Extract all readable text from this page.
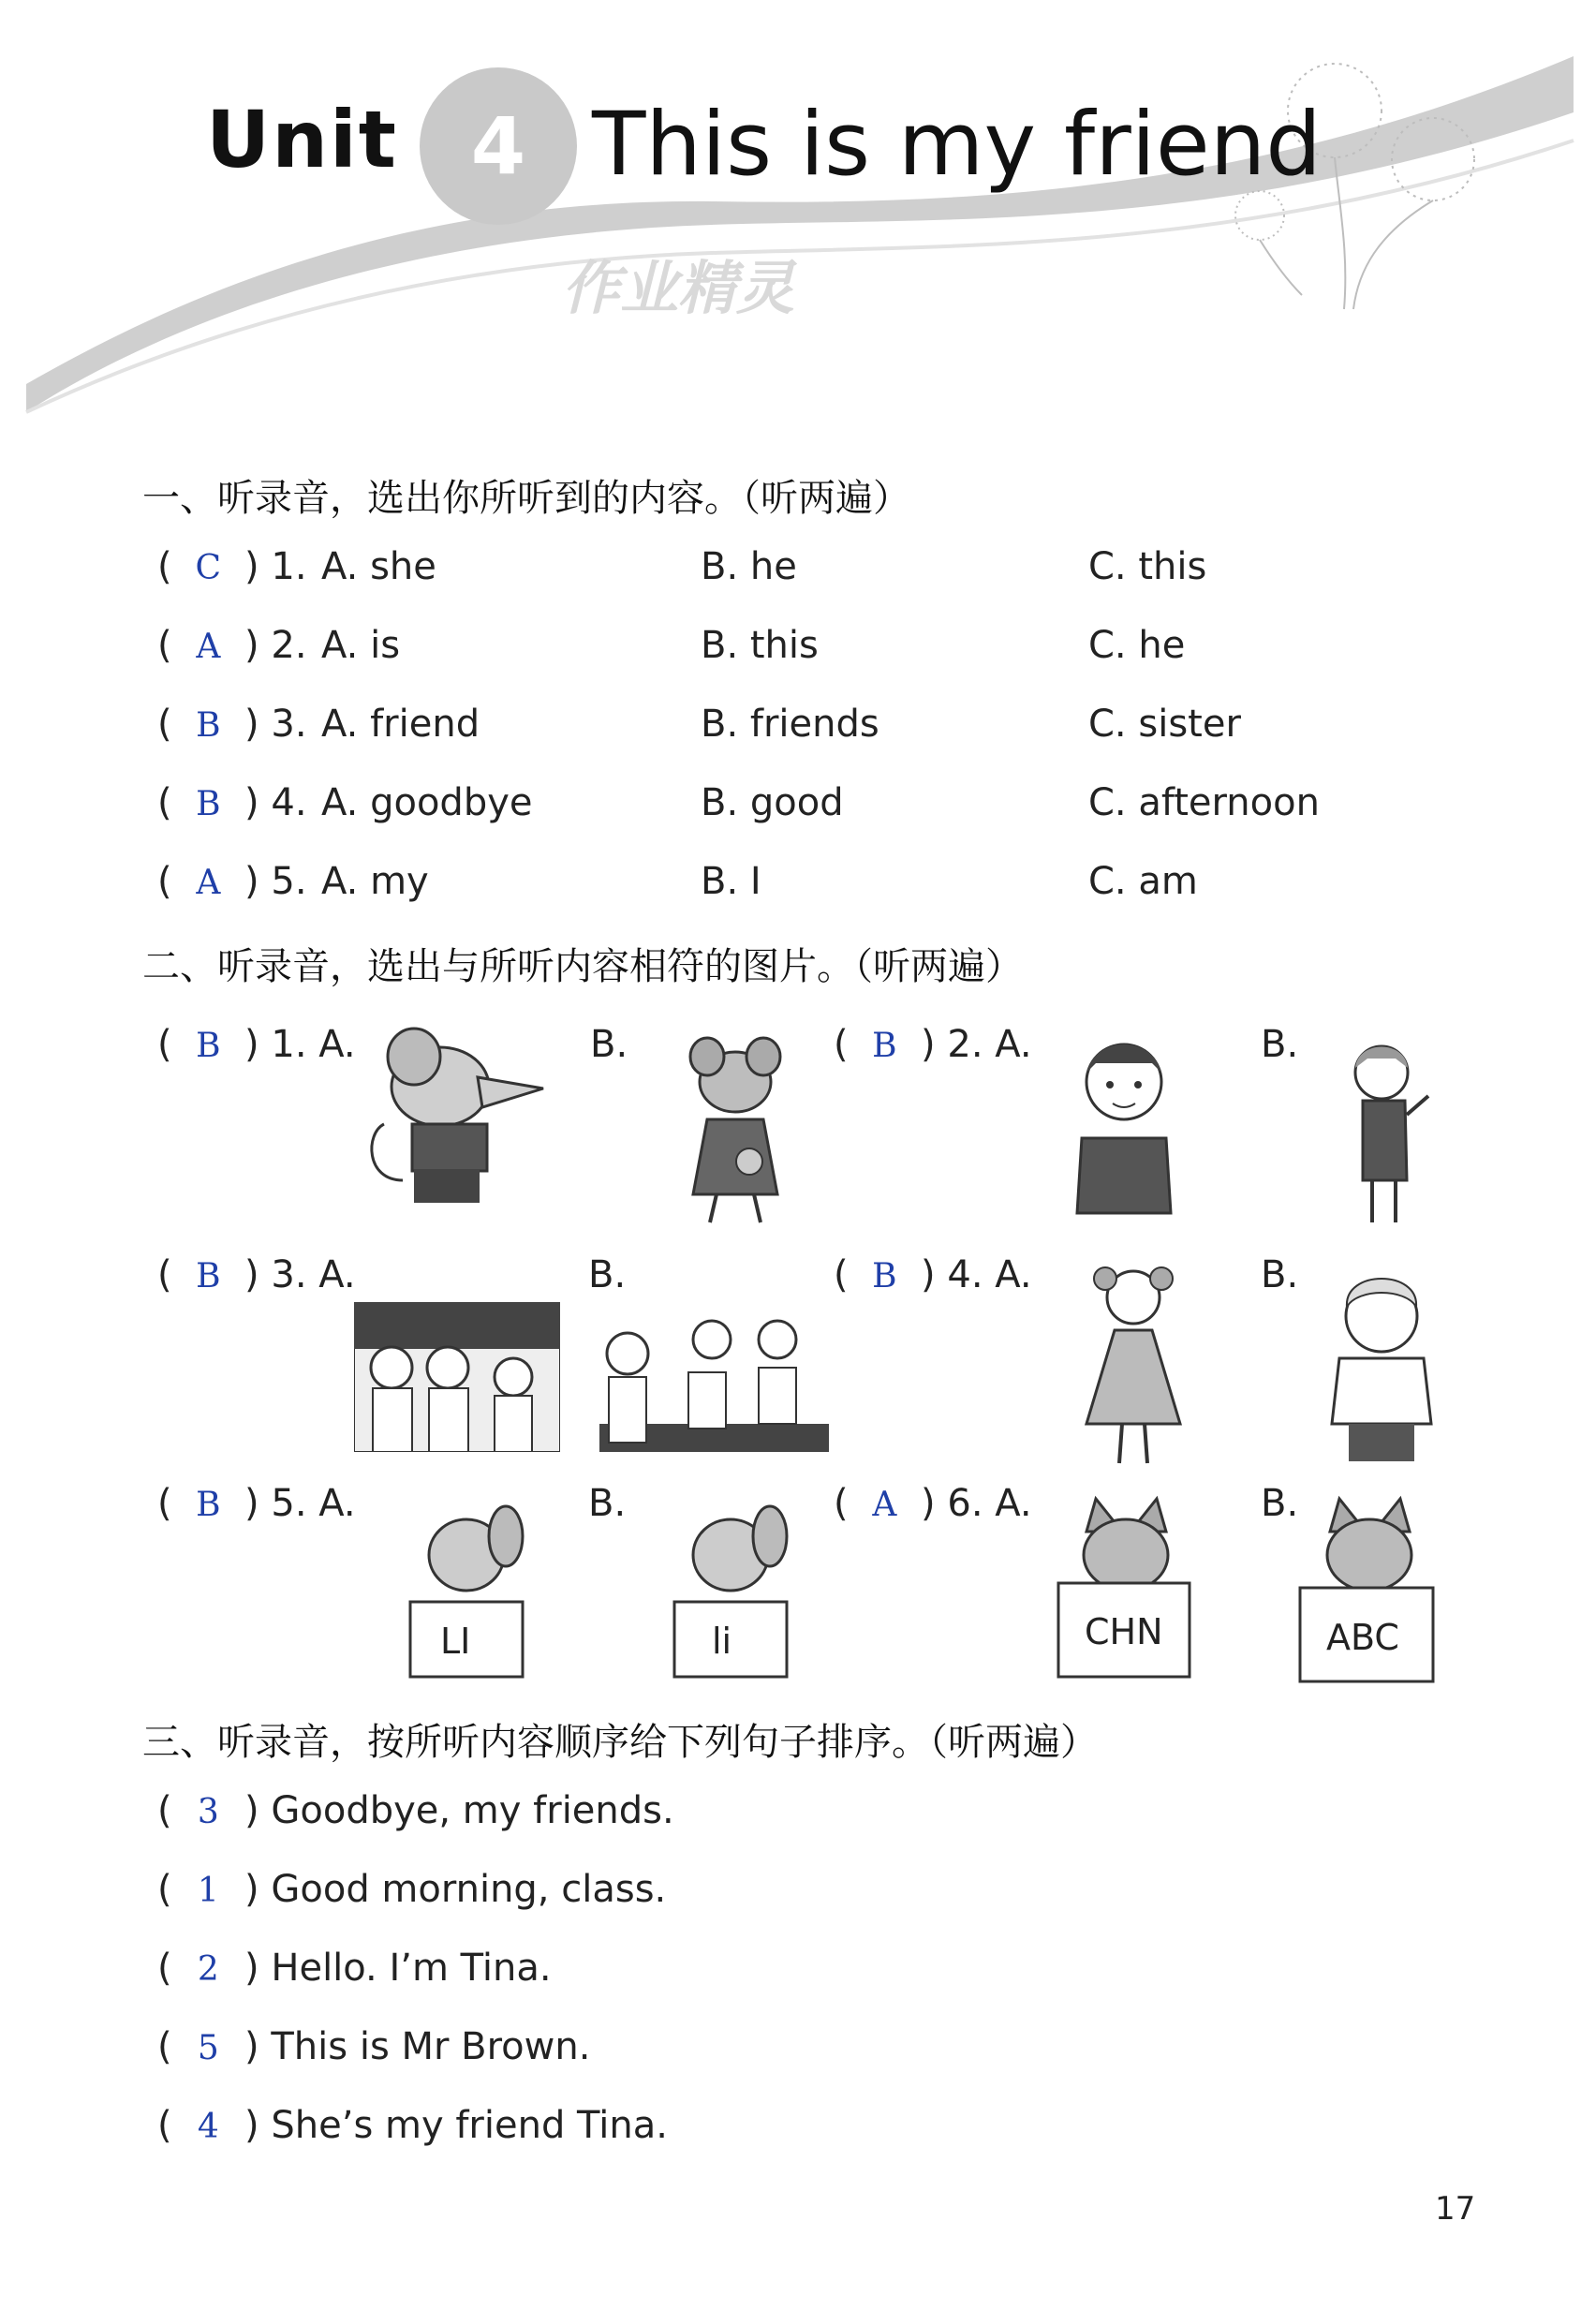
Unit 4 This is my friend
作业精灵
一、听录音，选出你所听到的内容。（听两遍）
( C ) 1. A. she	B. he	C. this
( A ) 2. A. is	B. this	C. he
( B ) 3. A. friend	B. friends	C. sister
( B ) 4. A. goodbye	B. good	C. afternoon
( A ) 5. A. my	B. I	C. am
二、听录音，选出与所听内容相符的图片。（听两遍）
( B ) 1. A.	B.	( B ) 2. A.	B.
( B ) 3. A.	B.	( B ) 4. A.	B.
( B ) 5. A.	B.
LI	li
( A ) 6. A.	B.
CHN	ABC
三、听录音，按所听内容顺序给下列句子排序。（听两遍）
( 3 ) Goodbye, my friends.
( 1 ) Good morning, class.
( 2 ) Hello. I’m Tina.
( 5 ) This is Mr Brown.
( 4 ) She’s my friend Tina.
17
